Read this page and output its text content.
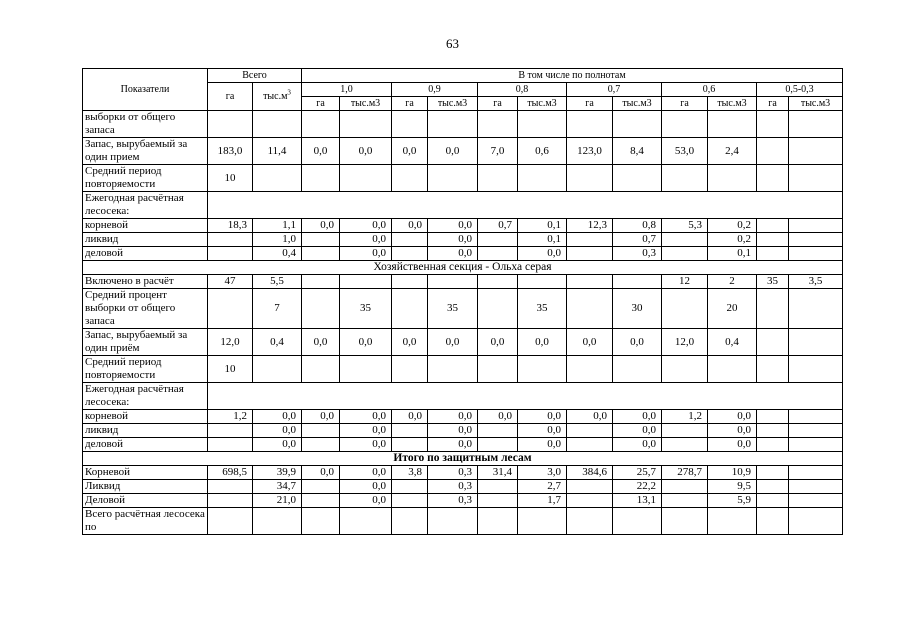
63
Показатели	Всего		В том числе по полнотам											
	га	$тыс.м^3$	1,0		0,9		0,8		0,7		0,6		0,5-0,3	
			га	тыс.м3	га	тыс.м3	га	тыс.м3	га	тыс.м3	га	тыс.м3	га	тыс.м3
выборки от общего запаса														
Запас, вырубаемый за один прием	183,0	11,4	0,0	0,0	0,0	0,0	7,0	0,6	123,0	8,4	53,0	2,4		
Средний период повторяемости	10													
Ежегодная расчётная лесосека:														
корневой	18,3	1,1	0,0	0,0	0,0	0,0	0,7	0,1	12,3	0,8	5,3	0,2		
ликвид		1,0		0,0		0,0		0,1		0,7		0,2		
деловой		0,4		0,0		0,0		0,0		0,3		0,1		
Хозяйственная секция - Ольха серая														
Включено в расчёт	47	5,5									12	2	35	3,5
Средний процент выборки от общего запаса		7		35		35		35		30		20		
Запас, вырубаемый за один приём	12,0	0,4	0,0	0,0	0,0	0,0	0,0	0,0	0,0	0,0	12,0	0,4		
Средний период повторяемости	10													
Ежегодная расчётная лесосека:														
корневой	1,2	0,0	0,0	0,0	0,0	0,0	0,0	0,0	0,0	0,0	1,2	0,0		
ликвид		0,0		0,0		0,0		0,0		0,0		0,0		
деловой		0,0		0,0		0,0		0,0		0,0		0,0		
Итого по защитным лесам														
Корневой	698,5	39,9	0,0	0,0	3,8	0,3	31,4	3,0	384,6	25,7	278,7	10,9		
Ликвид		34,7		0,0		0,3		2,7		22,2		9,5		
Деловой		21,0		0,0		0,3		1,7		13,1		5,9		
Всего расчётная лесосека по														
